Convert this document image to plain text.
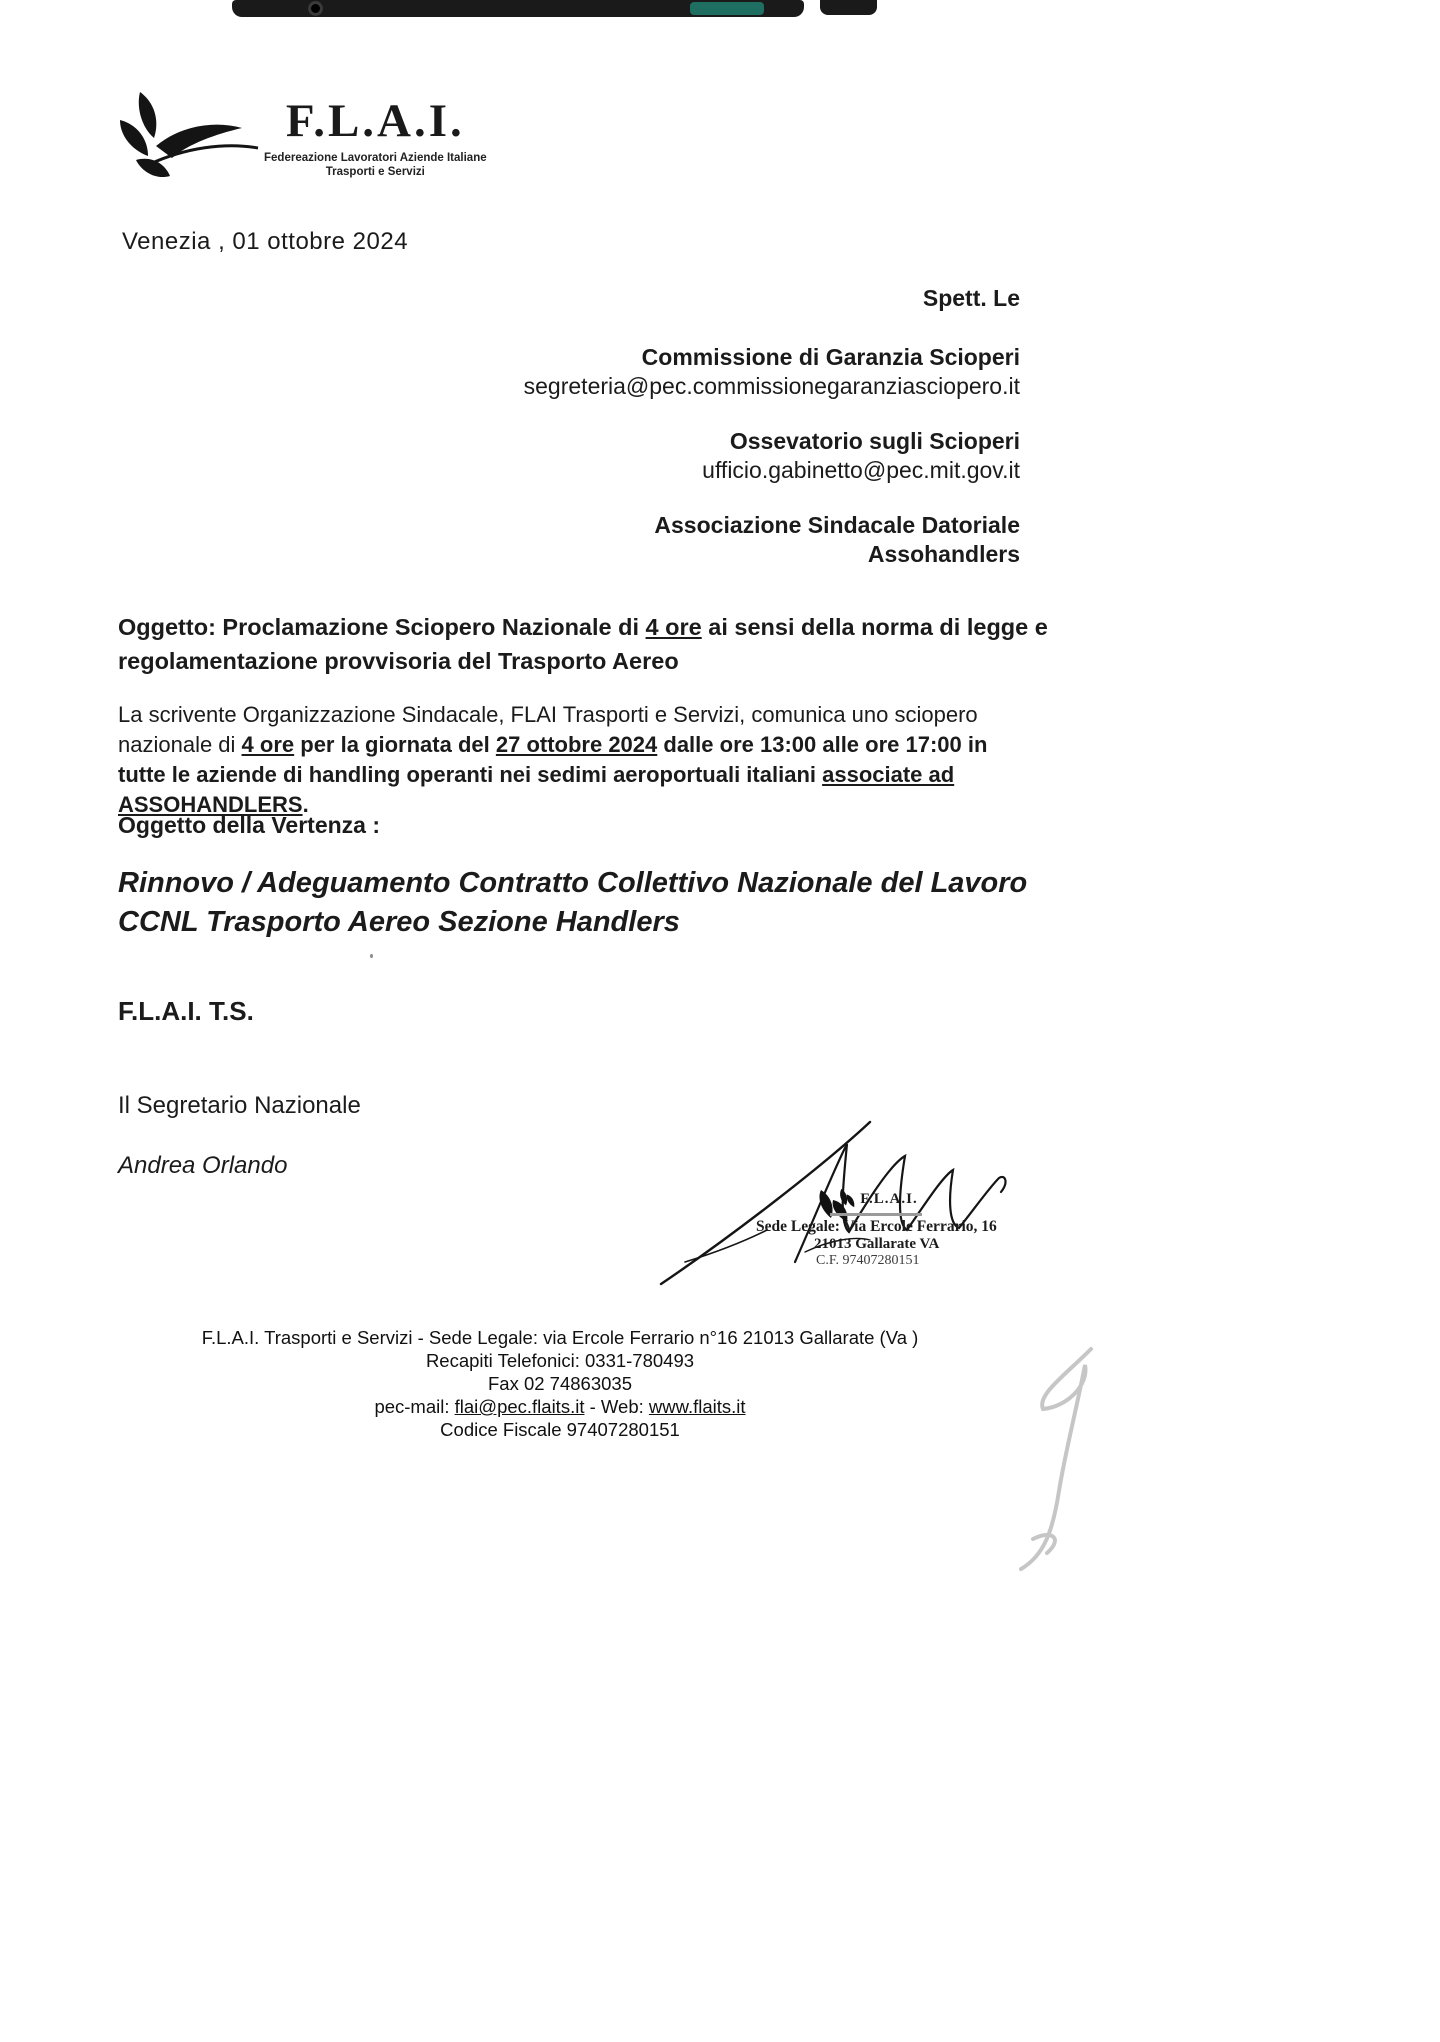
F.L.A.I.
Federeazione Lavoratori Aziende Italiane
Trasporti e Servizi
Venezia , 01 ottobre 2024
Spett. Le
Commissione di Garanzia Scioperi
segreteria@pec.commissionegaranziasciopero.it
Ossevatorio sugli Scioperi
ufficio.gabinetto@pec.mit.gov.it
Associazione Sindacale Datoriale
Assohandlers
Oggetto: Proclamazione Sciopero Nazionale di 4 ore ai sensi della norma di legge e regolamentazione provvisoria del Trasporto Aereo
La scrivente Organizzazione Sindacale, FLAI Trasporti e Servizi, comunica uno sciopero nazionale di 4 ore per la giornata del 27 ottobre 2024 dalle ore 13:00 alle ore 17:00 in tutte le aziende di handling operanti nei sedimi aeroportuali italiani associate ad ASSOHANDLERS.
Oggetto della Vertenza :
Rinnovo / Adeguamento Contratto Collettivo Nazionale del Lavoro CCNL Trasporto Aereo Sezione Handlers
F.L.A.I. T.S.
Il Segretario Nazionale
Andrea Orlando
F.L.A.I.
Sede Legale: Via Ercole Ferrario, 16
21013 Gallarate VA
C.F. 97407280151
F.L.A.I. Trasporti e Servizi - Sede Legale: via Ercole Ferrario n°16 21013 Gallarate (Va )
Recapiti Telefonici: 0331-780493
Fax 02 74863035
pec-mail: flai@pec.flaits.it - Web: www.flaits.it
Codice Fiscale 97407280151
